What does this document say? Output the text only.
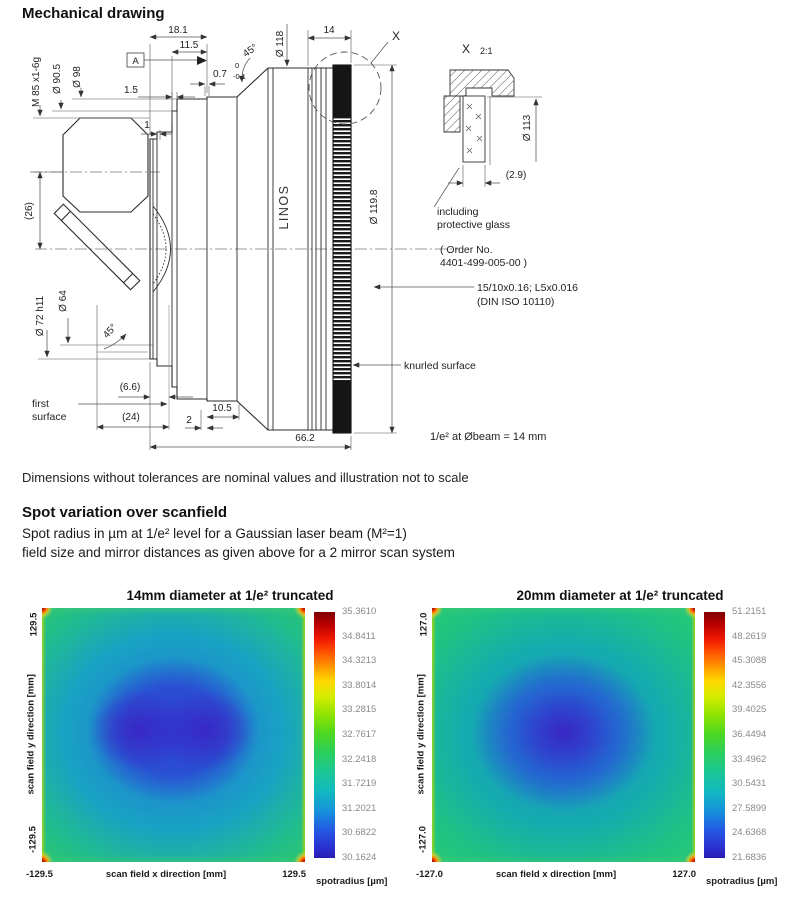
Mechanical drawing
LINOS
18.1
11.5
A
0.7
0
-0.1
45°
1.5
1
M 85 x1-6g Ø 90.5 Ø 98
(26)
Ø 72 h11 Ø 64
45°
(6.6)
first
surface	(24)	2
10.5
66.2
Ø 119.8
Ø 118
14	X
15/10x0.16; L5x0.016
(DIN ISO 10110)
knurled surface
1/e² at Øbeam = 14 mm
X 2:1
Ø 113
(2.9)
including
protective glass
( Order No.
4401-499-005-00 )
Dimensions without tolerances are nominal values and illustration not to scale
Spot variation over scanfield
Spot radius in µm at 1/e² level for a Gaussian laser beam (M²=1)
field size and mirror distances as given above for a 2 mirror scan system
14mm diameter at 1/e² truncated
129.5
scan field y direction [mm]
-129.5
35.3610
34.8411
34.3213
33.8014
33.2815
32.7617
32.2418
31.7219
31.2021
30.6822
30.1624
-129.5	scan field x direction [mm]	129.5
spotradius [µm]
20mm diameter at 1/e² truncated
127.0
scan field y direction [mm]
-127.0
51.2151
48.2619
45.3088
42.3556
39.4025
36.4494
33.4962
30.5431
27.5899
24.6368
21.6836
-127.0	scan field x direction [mm]	127.0
spotradius [µm]
